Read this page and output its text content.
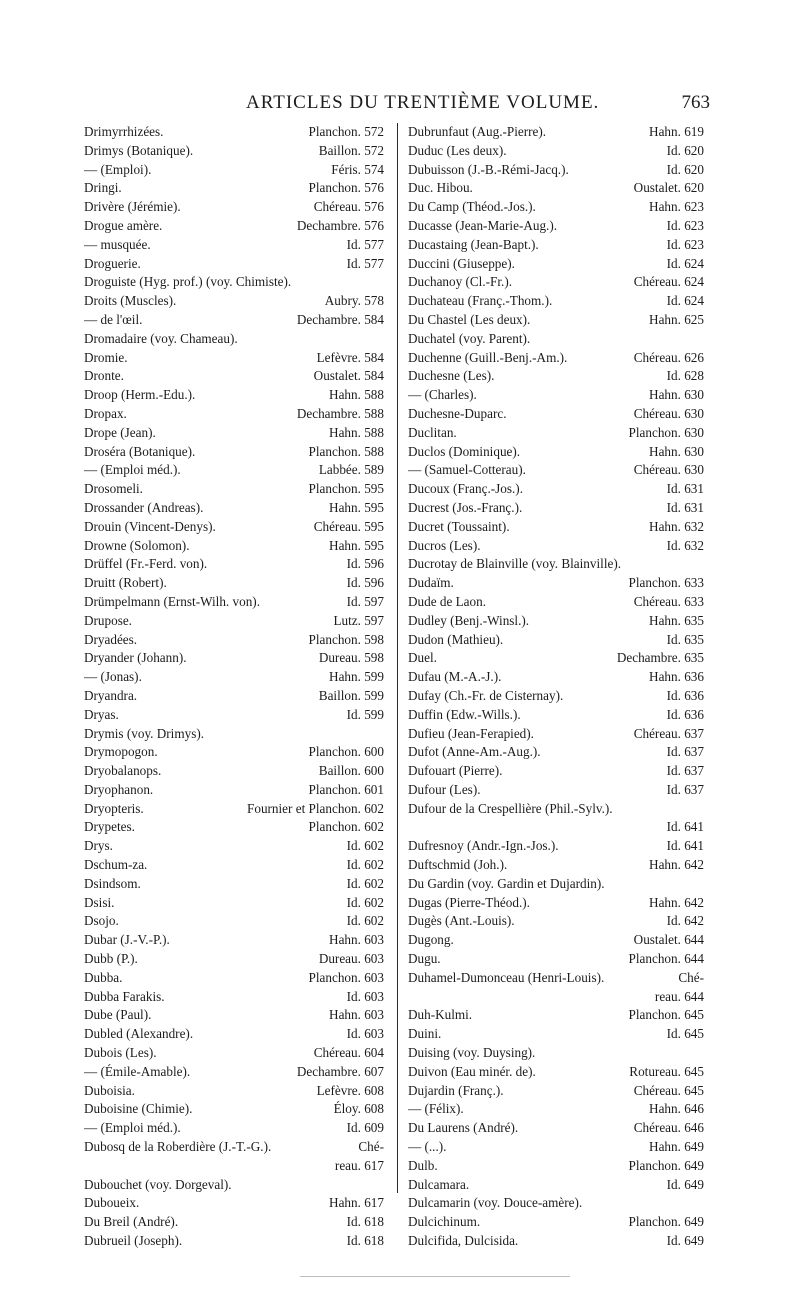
ARTICLES DU TRENTIÈME VOLUME.	763
Drimyrrhizées.	Planchon. 572
Drimys (Botanique).	Baillon. 572
— (Emploi).	Féris. 574
Dringi.	Planchon. 576
Drivère (Jérémie).	Chéreau. 576
Drogue amère.	Dechambre. 576
— musquée.	Id. 577
Droguerie.	Id. 577
Droguiste (Hyg. prof.) (voy. Chimiste).
Droits (Muscles).	Aubry. 578
— de l'œil.	Dechambre. 584
Dromadaire (voy. Chameau).
Dromie.	Lefèvre. 584
Dronte.	Oustalet. 584
Droop (Herm.-Edu.).	Hahn. 588
Dropax.	Dechambre. 588
Drope (Jean).	Hahn. 588
Droséra (Botanique).	Planchon. 588
— (Emploi méd.).	Labbée. 589
Drosomeli.	Planchon. 595
Drossander (Andreas).	Hahn. 595
Drouin (Vincent-Denys).	Chéreau. 595
Drowne (Solomon).	Hahn. 595
Drüffel (Fr.-Ferd. von).	Id. 596
Druitt (Robert).	Id. 596
Drümpelmann (Ernst-Wilh. von).	Id. 597
Drupose.	Lutz. 597
Dryadées.	Planchon. 598
Dryander (Johann).	Dureau. 598
— (Jonas).	Hahn. 599
Dryandra.	Baillon. 599
Dryas.	Id. 599
Drymis (voy. Drimys).
Drymopogon.	Planchon. 600
Dryobalanops.	Baillon. 600
Dryophanon.	Planchon. 601
Dryopteris.	Fournier et Planchon. 602
Drypetes.	Planchon. 602
Drys.	Id. 602
Dschum-za.	Id. 602
Dsindsom.	Id. 602
Dsisi.	Id. 602
Dsojo.	Id. 602
Dubar (J.-V.-P.).	Hahn. 603
Dubb (P.).	Dureau. 603
Dubba.	Planchon. 603
Dubba Farakis.	Id. 603
Dube (Paul).	Hahn. 603
Dubled (Alexandre).	Id. 603
Dubois (Les).	Chéreau. 604
— (Émile-Amable).	Dechambre. 607
Duboisia.	Lefèvre. 608
Duboisine (Chimie).	Éloy. 608
— (Emploi méd.).	Id. 609
Dubosq de la Roberdière (J.-T.-G.).	Ché-
reau. 617
Dubouchet (voy. Dorgeval).
Duboueix.	Hahn. 617
Du Breil (André).	Id. 618
Dubrueil (Joseph).	Id. 618
Dubrunfaut (Aug.-Pierre).	Hahn. 619
Duduc (Les deux).	Id. 620
Dubuisson (J.-B.-Rémi-Jacq.).	Id. 620
Duc. Hibou.	Oustalet. 620
Du Camp (Théod.-Jos.).	Hahn. 623
Ducasse (Jean-Marie-Aug.).	Id. 623
Ducastaing (Jean-Bapt.).	Id. 623
Duccini (Giuseppe).	Id. 624
Duchanoy (Cl.-Fr.).	Chéreau. 624
Duchateau (Franç.-Thom.).	Id. 624
Du Chastel (Les deux).	Hahn. 625
Duchatel (voy. Parent).
Duchenne (Guill.-Benj.-Am.).	Chéreau. 626
Duchesne (Les).	Id. 628
— (Charles).	Hahn. 630
Duchesne-Duparc.	Chéreau. 630
Duclitan.	Planchon. 630
Duclos (Dominique).	Hahn. 630
— (Samuel-Cotterau).	Chéreau. 630
Ducoux (Franç.-Jos.).	Id. 631
Ducrest (Jos.-Franç.).	Id. 631
Ducret (Toussaint).	Hahn. 632
Ducros (Les).	Id. 632
Ducrotay de Blainville (voy. Blainville).
Dudaïm.	Planchon. 633
Dude de Laon.	Chéreau. 633
Dudley (Benj.-Winsl.).	Hahn. 635
Dudon (Mathieu).	Id. 635
Duel.	Dechambre. 635
Dufau (M.-A.-J.).	Hahn. 636
Dufay (Ch.-Fr. de Cisternay).	Id. 636
Duffin (Edw.-Wills.).	Id. 636
Dufieu (Jean-Ferapied).	Chéreau. 637
Dufot (Anne-Am.-Aug.).	Id. 637
Dufouart (Pierre).	Id. 637
Dufour (Les).	Id. 637
Dufour de la Crespellière (Phil.-Sylv.).
Id. 641
Dufresnoy (Andr.-Ign.-Jos.).	Id. 641
Duftschmid (Joh.).	Hahn. 642
Du Gardin (voy. Gardin et Dujardin).
Dugas (Pierre-Théod.).	Hahn. 642
Dugès (Ant.-Louis).	Id. 642
Dugong.	Oustalet. 644
Dugu.	Planchon. 644
Duhamel-Dumonceau (Henri-Louis).	Ché-
reau. 644
Duh-Kulmi.	Planchon. 645
Duini.	Id. 645
Duising (voy. Duysing).
Duivon (Eau minér. de).	Rotureau. 645
Dujardin (Franç.).	Chéreau. 645
— (Félix).	Hahn. 646
Du Laurens (André).	Chéreau. 646
— (...).	Hahn. 649
Dulb.	Planchon. 649
Dulcamara.	Id. 649
Dulcamarin (voy. Douce-amère).
Dulcichinum.	Planchon. 649
Dulcifida, Dulcisida.	Id. 649
